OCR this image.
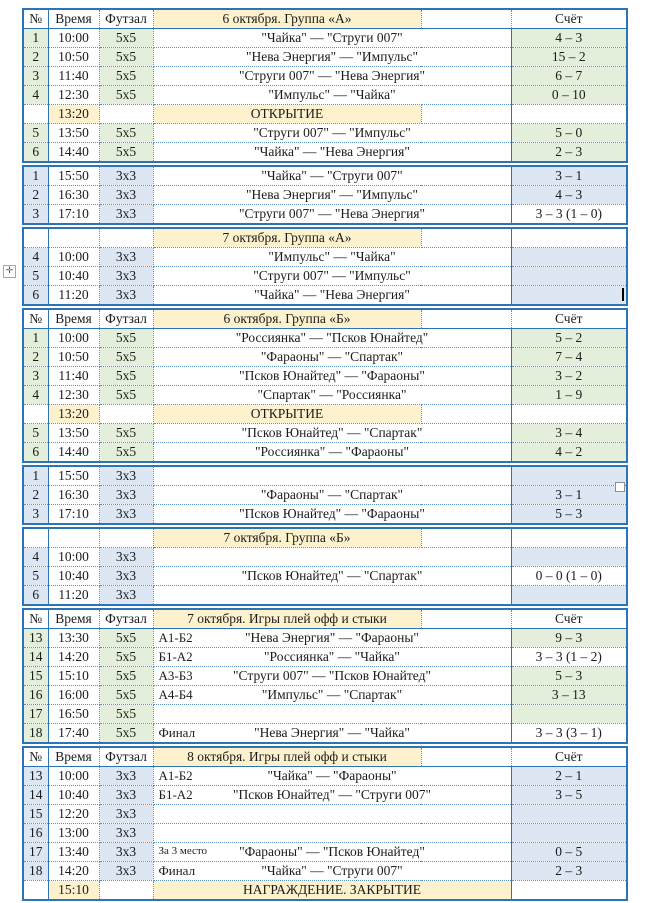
№	Время	Футзал	6 октября. Группа «А»		Счёт
1	10:00	5x5	"Чайка" — "Струги 007"		4 – 3
2	10:50	5x5	"Нева Энергия" — "Импульс"		15 – 2
3	11:40	5x5	"Струги 007" — "Нева Энергия"		6 – 7
4	12:30	5x5	"Импульс" — "Чайка"		0 – 10
	13:20		ОТКРЫТИЕ		
5	13:50	5x5	"Струги 007" — "Импульс"		5 – 0
6	14:40	5x5	"Чайка" — "Нева Энергия"		2 – 3
1	15:50	3x3	"Чайка" — "Струги 007"	3 – 1
2	16:30	3x3	"Нева Энергия" — "Импульс"	4 – 3
3	17:10	3x3	"Струги 007" — "Нева Энергия"	3 – 3 (1 – 0)
			7 октября. Группа «А»		
4	10:00	3x3	"Импульс" — "Чайка"		
5	10:40	3x3	"Струги 007" — "Импульс"		
6	11:20	3x3	"Чайка" — "Нева Энергия"		
№	Время	Футзал	6 октября. Группа «Б»		Счёт
1	10:00	5x5	"Россиянка" — "Псков Юнайтед"		5 – 2
2	10:50	5x5	"Фараоны" — "Спартак"		7 – 4
3	11:40	5x5	"Псков Юнайтед" — "Фараоны"		3 – 2
4	12:30	5x5	"Спартак" — "Россиянка"		1 – 9
	13:20		ОТКРЫТИЕ		
5	13:50	5x5	"Псков Юнайтед" — "Спартак"		3 – 4
6	14:40	5x5	"Россиянка" — "Фараоны"		4 – 2
1	15:50	3x3		
2	16:30	3x3	"Фараоны" — "Спартак"	3 – 1
3	17:10	3x3	"Псков Юнайтед" — "Фараоны"	5 – 3
			7 октября. Группа «Б»		
4	10:00	3x3			
5	10:40	3x3	"Псков Юнайтед" — "Спартак"		0 – 0 (1 – 0)
6	11:20	3x3			
№	Время	Футзал	7 октября. Игры плей офф и стыки		Счёт
13	13:30	5x5	А1-Б2 "Нева Энергия" — "Фараоны"		9 – 3
14	14:20	5x5	Б1-А2 "Россиянка" — "Чайка"		3 – 3 (1 – 2)
15	15:10	5x5	А3-Б3 "Струги 007" — "Псков Юнайтед"		5 – 3
16	16:00	5x5	А4-Б4 "Импульс" — "Спартак"		3 – 13
17	16:50	5x5			
18	17:40	5x5	Финал "Нева Энергия" — "Чайка"		3 – 3 (3 – 1)
№	Время	Футзал	8 октября. Игры плей офф и стыки		Счёт
13	10:00	3x3	А1-Б2 "Чайка" — "Фараоны"		2 – 1
14	10:40	3x3	Б1-А2 "Псков Юнайтед" — "Струги 007"		3 – 5
15	12:20	3x3			
16	13:00	3x3			
17	13:40	3x3	За 3 место "Фараоны" — "Псков Юнайтед"		0 – 5
18	14:20	3x3	Финал "Чайка" — "Струги 007"		2 – 3
	15:10		НАГРАЖДЕНИЕ. ЗАКРЫТИЕ		
✛
